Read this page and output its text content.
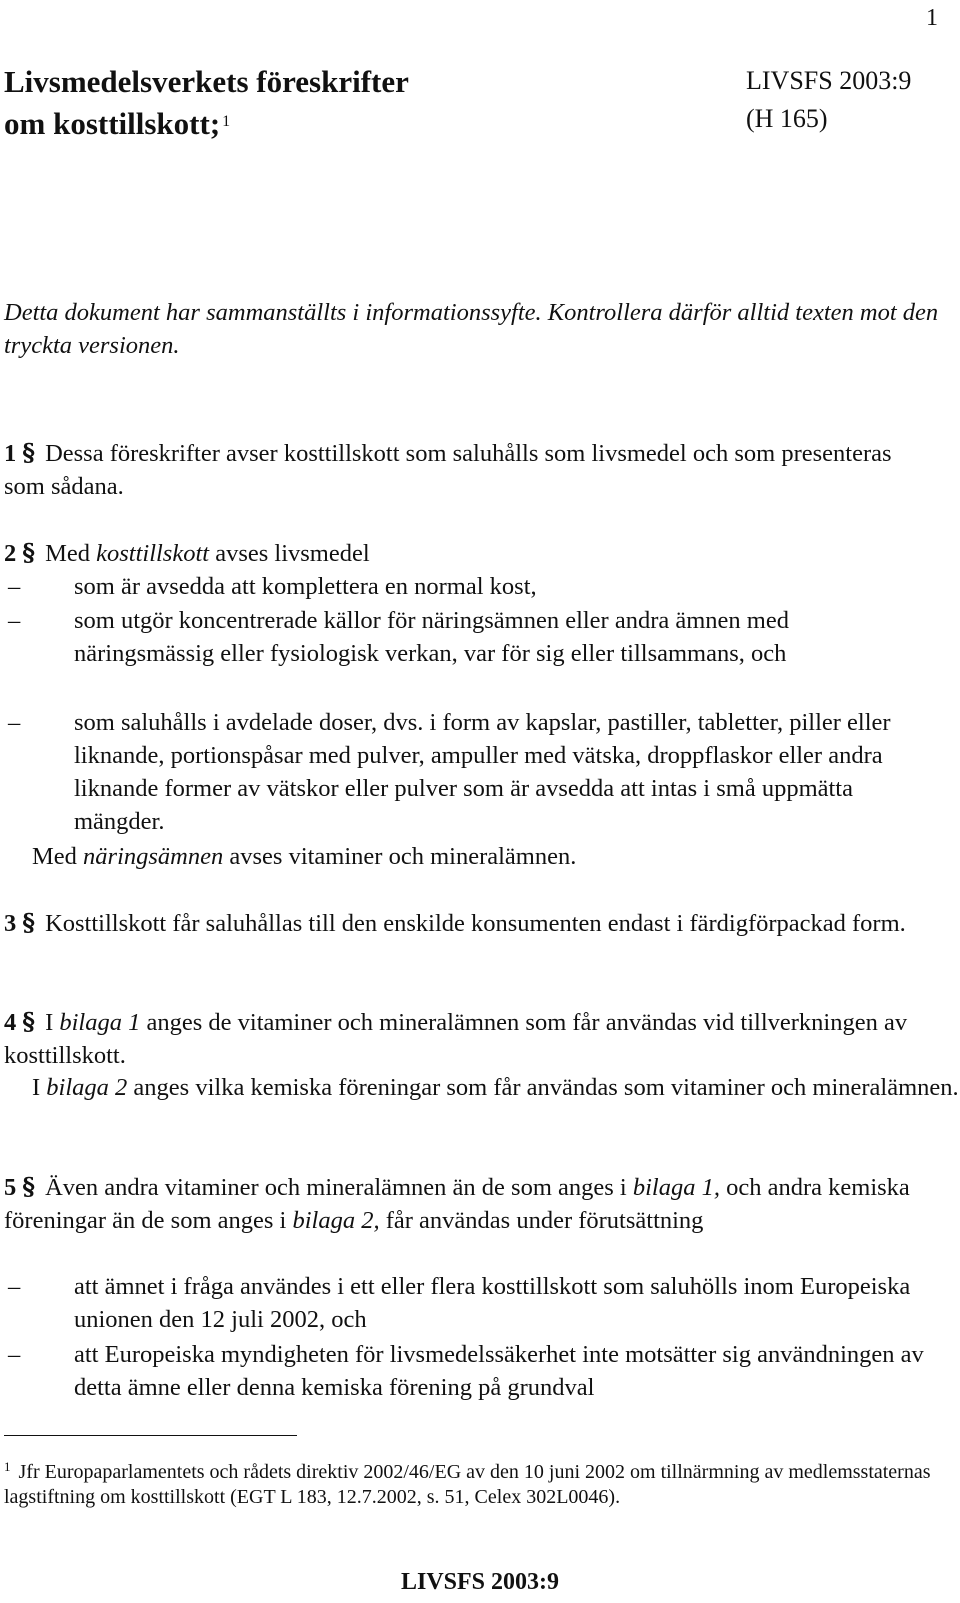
1
Livsmedelsverkets föreskrifter
om kosttillskott; $^1$
LIVSFS 2003:9
(H 165)
Detta dokument har sammanställts i informationssyfte. Kontrollera därför alltid texten mot den tryckta versionen.
1 § Dessa föreskrifter avser kosttillskott som saluhålls som livsmedel och som presenteras som sådana.
2 § Med kosttillskott avses livsmedel
– som är avsedda att komplettera en normal kost,
– som utgör koncentrerade källor för näringsämnen eller andra ämnen med näringsmässig eller fysiologisk verkan, var för sig eller tillsammans, och
– som saluhålls i avdelade doser, dvs. i form av kapslar, pastiller, tabletter, piller eller liknande, portionspåsar med pulver, ampuller med vätska, droppflaskor eller andra liknande former av vätskor eller pulver som är avsedda att intas i små uppmätta mängder.
Med näringsämnen avses vitaminer och mineralämnen.
3 § Kosttillskott får saluhållas till den enskilde konsumenten endast i färdigförpackad form.
4 § I bilaga 1 anges de vitaminer och mineralämnen som får användas vid tillverkningen av kosttillskott.
I bilaga 2 anges vilka kemiska föreningar som får användas som vitaminer och mineralämnen.
5 § Även andra vitaminer och mineralämnen än de som anges i bilaga 1, och andra kemiska föreningar än de som anges i bilaga 2, får användas under förutsättning
– att ämnet i fråga användes i ett eller flera kosttillskott som saluhölls inom Europeiska unionen den 12 juli 2002, och
– att Europeiska myndigheten för livsmedelssäkerhet inte motsätter sig användningen av detta ämne eller denna kemiska förening på grundval
$^1$ Jfr Europaparlamentets och rådets direktiv 2002/46/EG av den 10 juni 2002 om tillnärmning av medlemsstaternas lagstiftning om kosttillskott (EGT L 183, 12.7.2002, s. 51, Celex 302L0046).
LIVSFS 2003:9
